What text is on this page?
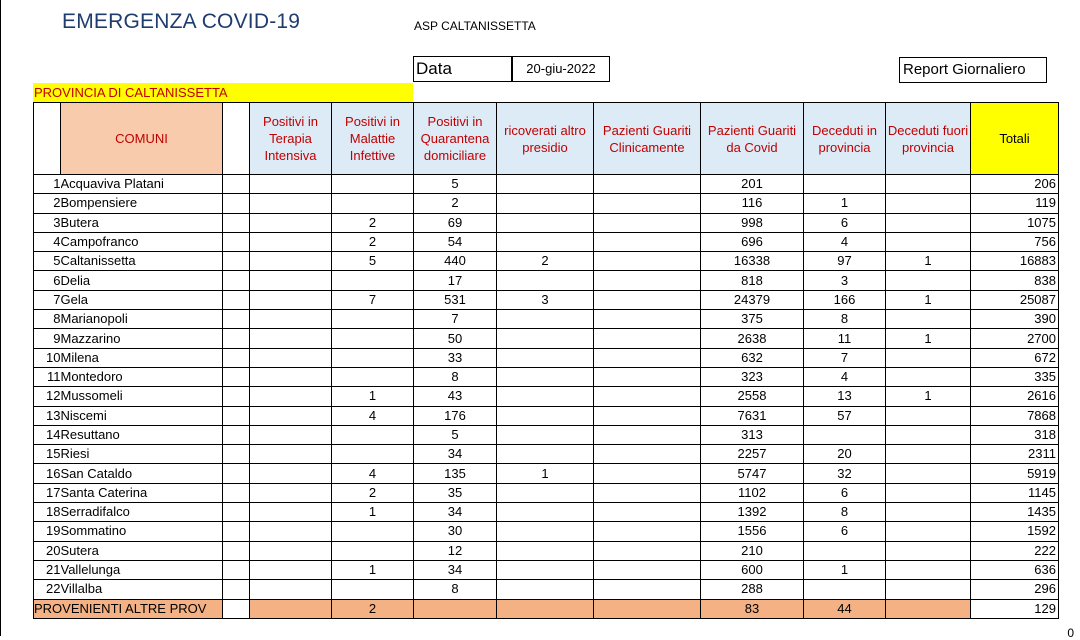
EMERGENZA COVID-19	ASP CALTANISSETTA
Data	20-giu-2022	Report Giornaliero
PROVINCIA DI CALTANISSETTA
	COMUNI		Positivi in Terapia Intensiva	Positivi in Malattie Infettive	Positivi in Quarantena domiciliare	ricoverati altro presidio	Pazienti Guariti Clinicamente	Pazienti Guariti da Covid	Deceduti in provincia	Deceduti fuori provincia	Totali
1	Acquaviva Platani				5			201			206
2	Bompensiere				2			116	1		119
3	Butera			2	69			998	6		1075
4	Campofranco			2	54			696	4		756
5	Caltanissetta			5	440	2		16338	97	1	16883
6	Delia				17			818	3		838
7	Gela			7	531	3		24379	166	1	25087
8	Marianopoli				7			375	8		390
9	Mazzarino				50			2638	11	1	2700
10	Milena				33			632	7		672
11	Montedoro				8			323	4		335
12	Mussomeli			1	43			2558	13	1	2616
13	Niscemi			4	176			7631	57		7868
14	Resuttano				5			313			318
15	Riesi				34			2257	20		2311
16	San Cataldo			4	135	1		5747	32		5919
17	Santa Caterina			2	35			1102	6		1145
18	Serradifalco			1	34			1392	8		1435
19	Sommatino				30			1556	6		1592
20	Sutera				12			210			222
21	Vallelunga			1	34			600	1		636
22	Villalba				8			288			296
PROVENIENTI ALTRE PROV				2				83	44		129
0
